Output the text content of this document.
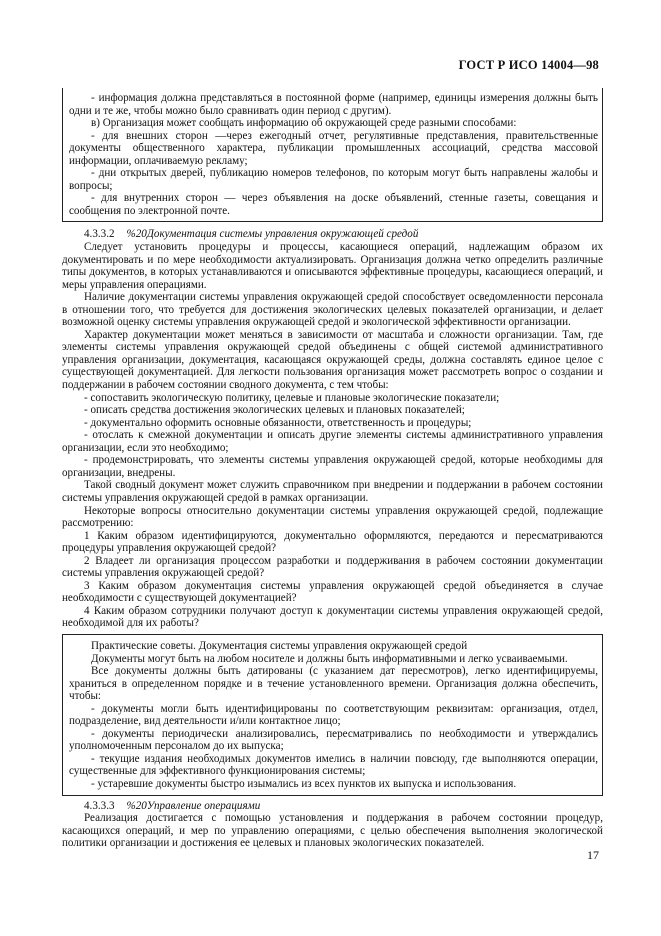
ГОСТ Р ИСО 14004—98

- информация должна представляться в постоянной форме (например, единицы измерения должны быть одни и те же, чтобы можно было сравнивать один период с другим).

в) Организация может сообщать информацию об окружающей среде разными способами:

- для внешних сторон —через ежегодный отчет, регулятивные представления, правительственные документы общественного характера, публикации промышленных ассоциаций, средства массовой информации, оплачиваемую рекламу;

- дни открытых дверей, публикацию номеров телефонов, по которым могут быть направлены жалобы и вопросы;

- для внутренних сторон — через объявления на доске объявлений, стенные газеты, совещания и сообщения по электронной почте.

4.3.3.2 %20Документация системы управления окружающей средой

Следует установить процедуры и процессы, касающиеся операций, надлежащим образом их документировать и по мере необходимости актуализировать. Организация должна четко определить различные типы документов, в которых устанавливаются и описываются эффективные процедуры, касающиеся операций, и меры управления операциями.

Наличие документации системы управления окружающей средой способствует осведомленности персонала в отношении того, что требуется для достижения экологических целевых показателей организации, и делает возможной оценку системы управления окружающей средой и экологической эффективности организации.

Характер документации может меняться в зависимости от масштаба и сложности организации. Там, где элементы системы управления окружающей средой объединены с общей системой административного управления организации, документация, касающаяся окружающей среды, должна составлять единое целое с существующей документацией. Для легкости пользования организация может рассмотреть вопрос о создании и поддержании в рабочем состоянии сводного документа, с тем чтобы:

- сопоставить экологическую политику, целевые и плановые экологические показатели;

- описать средства достижения экологических целевых и плановых показателей;

- документально оформить основные обязанности, ответственность и процедуры;

- отослать к смежной документации и описать другие элементы системы административного управления организации, если это необходимо;

- продемонстрировать, что элементы системы управления окружающей средой, которые необходимы для организации, внедрены.

Такой сводный документ может служить справочником при внедрении и поддержании в рабочем состоянии системы управления окружающей средой в рамках организации.

Некоторые вопросы относительно документации системы управления окружающей средой, подлежащие рассмотрению:

1 Каким образом идентифицируются, документально оформляются, передаются и пересматриваются процедуры управления окружающей средой?

2 Владеет ли организация процессом разработки и поддерживания в рабочем состоянии документации системы управления окружающей средой?

3 Каким образом документация системы управления окружающей средой объединяется в случае необходимости с существующей документацией?

4 Каким образом сотрудники получают доступ к документации системы управления окружающей средой, необходимой для их работы?

Практические советы. Документация системы управления окружающей средой

Документы могут быть на любом носителе и должны быть информативными и легко усваиваемыми.

Все документы должны быть датированы (с указанием дат пересмотров), легко идентифицируемы, храниться в определенном порядке и в течение установленного времени. Организация должна обеспечить, чтобы:

- документы могли быть идентифицированы по соответствующим реквизитам: организация, отдел, подразделение, вид деятельности и/или контактное лицо;

- документы периодически анализировались, пересматривались по необходимости и утверждались уполномоченным персоналом до их выпуска;

- текущие издания необходимых документов имелись в наличии повсюду, где выполняются операции, существенные для эффективного функционирования системы;

- устаревшие документы быстро изымались из всех пунктов их выпуска и использования.

4.3.3.3 %20Управление операциями

Реализация достигается с помощью установления и поддержания в рабочем состоянии процедур, касающихся операций, и мер по управлению операциями, с целью обеспечения выполнения экологической политики организации и достижения ее целевых и плановых экологических показателей.

17
